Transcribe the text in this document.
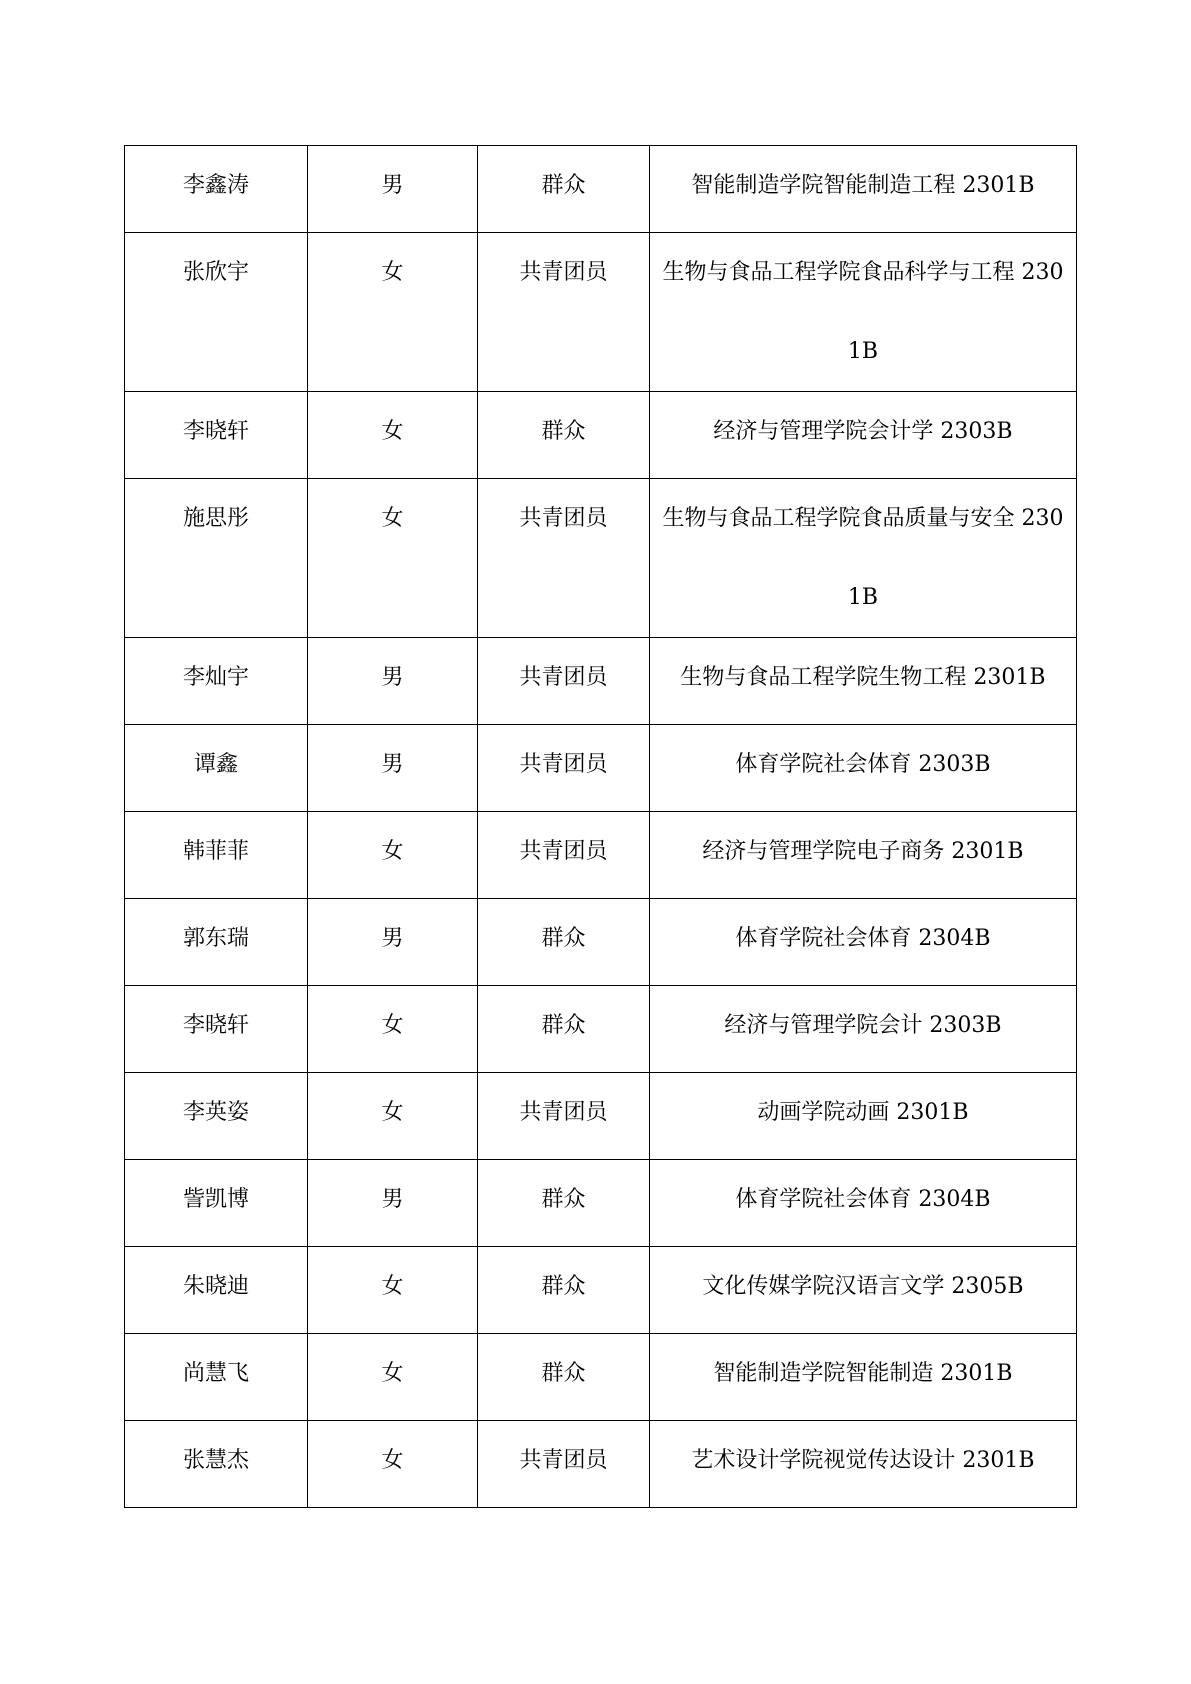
李鑫涛	男	群众	智能制造学院智能制造工程 2301B

张欣宇	女	共青团员	生物与食品工程学院食品科学与工程 2301B

李晓轩	女	群众	经济与管理学院会计学 2303B

施思彤	女	共青团员	生物与食品工程学院食品质量与安全 2301B

李灿宇	男	共青团员	生物与食品工程学院生物工程 2301B

谭鑫	男	共青团员	体育学院社会体育 2303B

韩菲菲	女	共青团员	经济与管理学院电子商务 2301B

郭东瑞	男	群众	体育学院社会体育 2304B

李晓轩	女	群众	经济与管理学院会计 2303B

李英姿	女	共青团员	动画学院动画 2301B

訾凯博	男	群众	体育学院社会体育 2304B

朱晓迪	女	群众	文化传媒学院汉语言文学 2305B

尚慧飞	女	群众	智能制造学院智能制造 2301B

张慧杰	女	共青团员	艺术设计学院视觉传达设计 2301B
